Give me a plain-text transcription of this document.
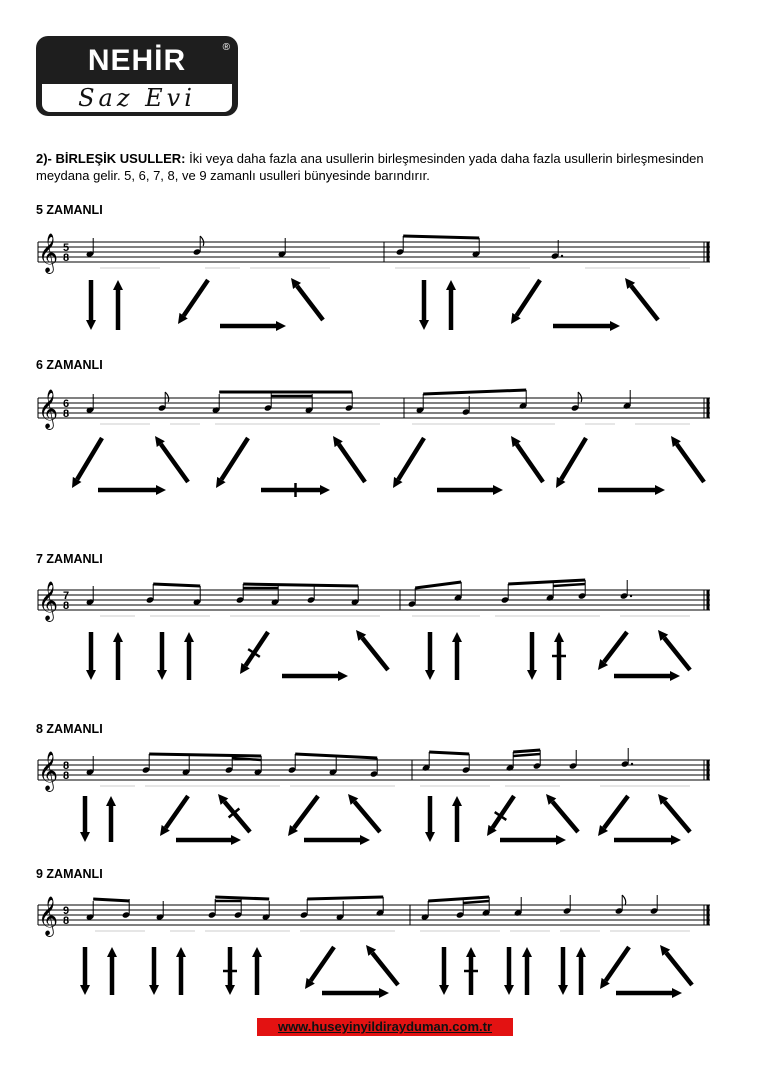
NEHİR	®
Saz Evi
2)- BİRLEŞİK USULLER: İki veya daha fazla ana usullerin birleşmesinden yada daha fazla usullerin birleşmesinden meydana gelir. 5, 6, 7, 8, ve 9 zamanlı usulleri bünyesinde barındırır.
5 ZAMANLI
6 ZAMANLI
7 ZAMANLI
8 ZAMANLI
9 ZAMANLI
𝄞 5
8
𝄞 6
8
𝄞 7
8
𝄞 8
8
𝄞 9
8
www.huseyinyildirayduman.com.tr
